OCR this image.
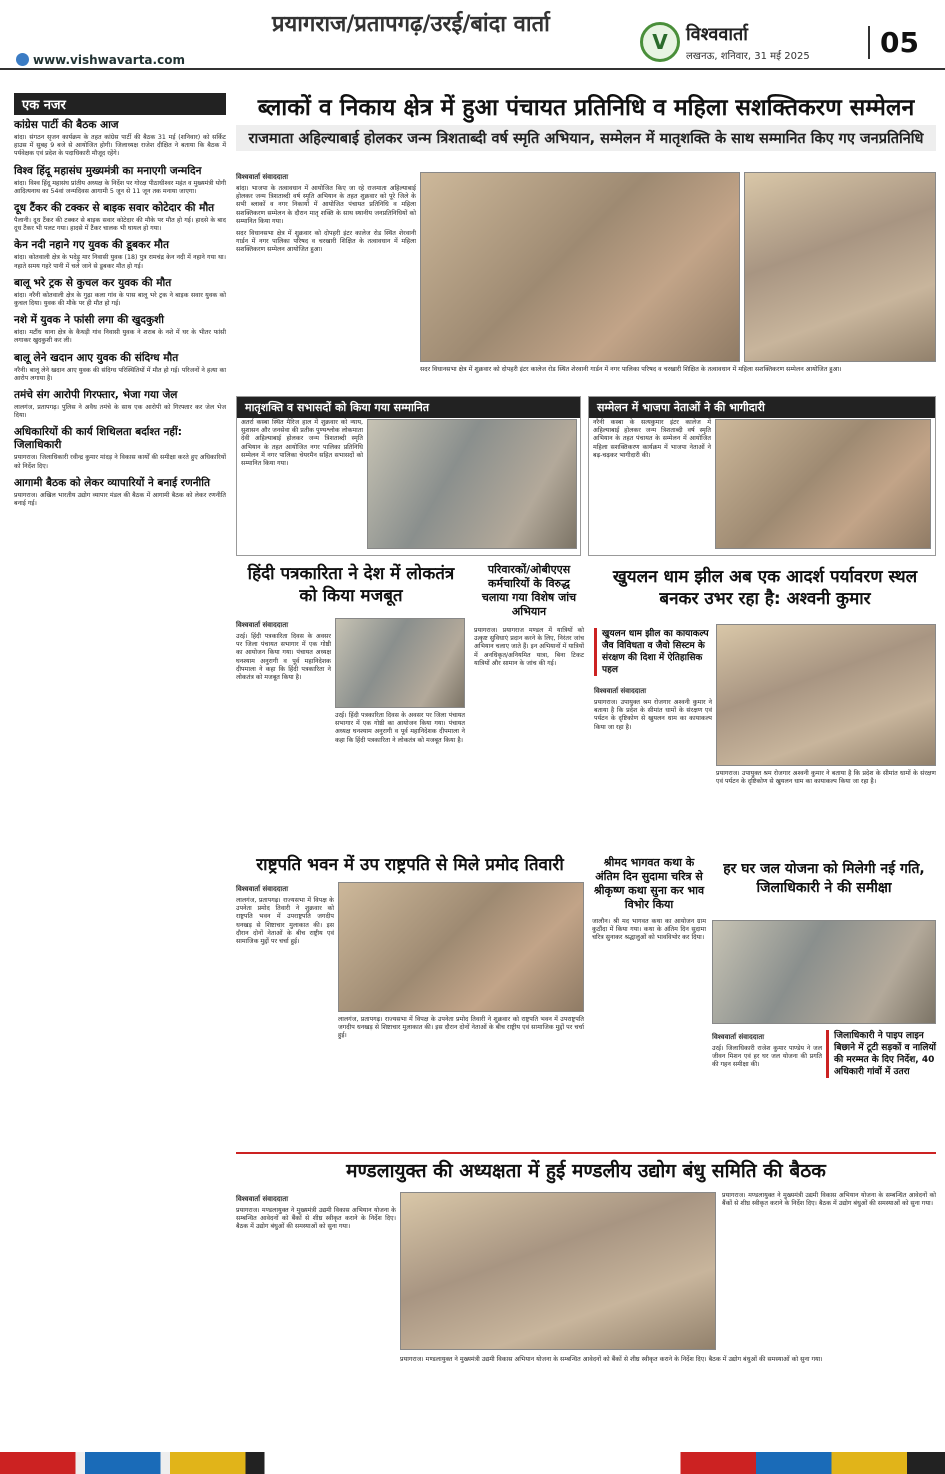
प्रयागराज/प्रतापगढ़/उरई/बांदा वार्ता
V	विश्ववार्ता
लखनऊ, शनिवार, 31 मई 2025	05
www.vishwavarta.com
एक नजर
कांग्रेस पार्टी की बैठक आज
बांदा। संगठन सृजन कार्यक्रम के तहत कांग्रेस पार्टी की बैठक 31 मई (शनिवार) को सर्किट हाउस में सुबह 9 बजे से आयोजित होगी। जिलाध्यक्ष राजेश दीक्षित ने बताया कि बैठक में पर्यवेक्षक एवं प्रदेश के पदाधिकारी मौजूद रहेंगे।
विश्व हिंदू महासंघ मुख्यमंत्री का मनाएगी जन्मदिन
बांदा। विश्व हिंदू महासंघ प्रांतीय अध्यक्ष के निर्देश पर गोरक्ष पीठाधीश्वर महंत व मुख्यमंत्री योगी आदित्यनाथ का 54वां जन्मदिवस आगामी 5 जून से 11 जून तक मनाया जाएगा।
दूध टैंकर की टक्कर से बाइक सवार कोटेदार की मौत
पैलानी। दूध टैंकर की टक्कर से बाइक सवार कोटेदार की मौके पर मौत हो गई। हादसे के बाद दूध टैंकर भी पलट गया। हादसे में टैंकर चालक भी घायल हो गया।
केन नदी नहाने गए युवक की डूबकर मौत
बांदा। कोतवाली क्षेत्र के भदेड़ू मार निवासी युवक (18) पुत्र रामचंद्र केन नदी में नहाने गया था। नहाते समय गहरे पानी में चले जाने से डूबकर मौत हो गई।
बालू भरे ट्रक से कुचल कर युवक की मौत
बांदा। नरैनी कोतवाली क्षेत्र के गुढ़ा कला गांव के पास बालू भरे ट्रक ने बाइक सवार युवक को कुचल दिया। युवक की मौके पर ही मौत हो गई।
नशे में युवक ने फांसी लगा की खुदकुशी
बांदा। मटौंध थाना क्षेत्र के कैथड़ी गांव निवासी युवक ने शराब के नशे में घर के भीतर फांसी लगाकर खुदकुशी कर ली।
बालू लेने खदान आए युवक की संदिग्ध मौत
नरैनी। बालू लेने खदान आए युवक की संदिग्ध परिस्थितियों में मौत हो गई। परिजनों ने हत्या का आरोप लगाया है।
तमंचे संग आरोपी गिरफ्तार, भेजा गया जेल
लालगंज, प्रतापगढ़। पुलिस ने अवैध तमंचे के साथ एक आरोपी को गिरफ्तार कर जेल भेज दिया।
अधिकारियों की कार्य शिथिलता बर्दाश्त नहीं: जिलाधिकारी
प्रयागराज। जिलाधिकारी रवीन्द्र कुमार मांदड़ ने विकास कार्यों की समीक्षा करते हुए अधिकारियों को निर्देश दिए।
आगामी बैठक को लेकर व्यापारियों ने बनाई रणनीति
प्रयागराज। अखिल भारतीय उद्योग व्यापार मंडल की बैठक में आगामी बैठक को लेकर रणनीति बनाई गई।
ब्लाकों व निकाय क्षेत्र में हुआ पंचायत प्रतिनिधि व महिला सशक्तिकरण सम्मेलन
राजमाता अहिल्याबाई होलकर जन्म त्रिशताब्दी वर्ष स्मृति अभियान, सम्मेलन में मातृशक्ति के साथ सम्मानित किए गए जनप्रतिनिधि
विश्ववार्ता संवाददाता
बांदा। भाजपा के तत्वावधान में आयोजित किए जा रहे राजमाता अहिल्याबाई होलकर जन्म त्रिशताब्दी वर्ष स्मृति अभियान के तहत शुक्रवार को पूरे जिले के सभी ब्लाकों व नगर निकायों में आयोजित पंचायत प्रतिनिधि व महिला सशक्तिकरण सम्मेलन के दौरान मातृ शक्ति के साथ स्थानीय जनप्रतिनिधियों को सम्मानित किया गया।
सदर विधानसभा क्षेत्र में शुक्रवार को दोपहरी इंटर कालेज रोड स्थित शेरवानी गार्डन में नगर पालिका परिषद व चरखारी शिक्षित के तत्वावधान में महिला सशक्तिकरण सम्मेलन आयोजित हुआ।
सदर विधानसभा क्षेत्र में शुक्रवार को दोपहरी इंटर कालेज रोड स्थित शेरवानी गार्डन में नगर पालिका परिषद व चरखारी शिक्षित के तत्वावधान में महिला सशक्तिकरण सम्मेलन आयोजित हुआ।
मातृशक्ति व सभासदों को किया गया सम्मानित
अतर्रा कस्बा स्थित मैरिज हाल में शुक्रवार को न्याय, सुशासन और जनसेवा की प्रतीक पुण्यश्लोक लोकमाता देवी अहिल्याबाई होलकर जन्म त्रिशताब्दी स्मृति अभियान के तहत आयोजित नगर पालिका प्रतिनिधि सम्मेलन में नगर पालिका चेयरमैन सहित सभासदों को सम्मानित किया गया।
सम्मेलन में भाजपा नेताओं ने की भागीदारी
नरैनी कस्बा के सत्यकुमार इंटर कालेज में अहिल्याबाई होलकर जन्म त्रिशताब्दी वर्ष स्मृति अभियान के तहत पंचायत के सम्मेलन में आयोजित महिला सशक्तिकरण कार्यक्रम में भाजपा नेताओं ने बढ़-चढ़कर भागीदारी की।
हिंदी पत्रकारिता ने देश में लोकतंत्र को किया मजबूत
विश्ववार्ता संवाददाता
उरई। हिंदी पत्रकारिता दिवस के अवसर पर जिला पंचायत सभागार में एक गोष्ठी का आयोजन किया गया। पंचायत अध्यक्ष घनश्याम अनुरागी व पूर्व महानिदेशक दीपमाला ने कहा कि हिंदी पत्रकारिता ने लोकतंत्र को मजबूत किया है।
उरई। हिंदी पत्रकारिता दिवस के अवसर पर जिला पंचायत सभागार में एक गोष्ठी का आयोजन किया गया। पंचायत अध्यक्ष घनश्याम अनुरागी व पूर्व महानिदेशक दीपमाला ने कहा कि हिंदी पत्रकारिता ने लोकतंत्र को मजबूत किया है।
परिवारकों/ओबीएएस कर्मचारियों के विरुद्ध चलाया गया विशेष जांच अभियान
प्रयागराज। प्रयागराज मण्डल में यात्रियों को उत्कृष्ट सुविधाएं प्रदान करने के लिए, निरंतर जांच अभियान चलाए जाते हैं। इन अभियानों में यात्रियों में अनधिकृत/अनियमित यात्रा, बिना टिकट यात्रियों और सामान के जांच की गई।
खुयलन धाम झील अब एक आदर्श पर्यावरण स्थल बनकर उभर रहा है: अश्वनी कुमार
खुयलन धाम झील का कायाकल्प जैव विविधता व जैवो सिस्टम के संरक्षण की दिशा में ऐतिहासिक पहल
विश्ववार्ता संवाददाता
प्रयागराज। उपायुक्त श्रम रोजगार अश्वनी कुमार ने बताया है कि प्रदेश के सीमांत धामों के संरक्षण एवं पर्यटन के दृष्टिकोण से खुयलन धाम का कायाकल्प किया जा रहा है।
प्रयागराज। उपायुक्त श्रम रोजगार अश्वनी कुमार ने बताया है कि प्रदेश के सीमांत धामों के संरक्षण एवं पर्यटन के दृष्टिकोण से खुयलन धाम का कायाकल्प किया जा रहा है।
राष्ट्रपति भवन में उप राष्ट्रपति से मिले प्रमोद तिवारी
विश्ववार्ता संवाददाता
लालगंज, प्रतापगढ़। राज्यसभा में विपक्ष के उपनेता प्रमोद तिवारी ने शुक्रवार को राष्ट्रपति भवन में उपराष्ट्रपति जगदीप धनखड़ से शिष्टाचार मुलाकात की। इस दौरान दोनों नेताओं के बीच राष्ट्रीय एवं सामाजिक मुद्दों पर चर्चा हुई।
लालगंज, प्रतापगढ़। राज्यसभा में विपक्ष के उपनेता प्रमोद तिवारी ने शुक्रवार को राष्ट्रपति भवन में उपराष्ट्रपति जगदीप धनखड़ से शिष्टाचार मुलाकात की। इस दौरान दोनों नेताओं के बीच राष्ट्रीय एवं सामाजिक मुद्दों पर चर्चा हुई।
श्रीमद भागवत कथा के अंतिम दिन सुदामा चरित्र से श्रीकृष्ण कथा सुना कर भाव विभोर किया
जालौन। श्री मद भागवत कथा का आयोजन ग्राम कुठौंदा में किया गया। कथा के अंतिम दिन सुदामा चरित्र सुनाकर श्रद्धालुओं को भावविभोर कर दिया।
हर घर जल योजना को मिलेगी नई गति, जिलाधिकारी ने की समीक्षा
विश्ववार्ता संवाददाता
उरई। जिलाधिकारी राजेश कुमार पाण्डेय ने जल जीवन मिशन एवं हर घर जल योजना की प्रगति की गहन समीक्षा की।
जिलाधिकारी ने पाइप लाइन बिछाने में टूटी सड़कों व नालियों की मरम्मत के दिए निर्देश, 40 अधिकारी गांवों में उतरा
मण्डलायुक्त की अध्यक्षता में हुई मण्डलीय उद्योग बंधु समिति की बैठक
विश्ववार्ता संवाददाता
प्रयागराज। मण्डलायुक्त ने मुख्यमंत्री उद्यमी विकास अभियान योजना के सम्बन्धित आवेदनों को बैंकों से शीघ्र स्वीकृत कराने के निर्देश दिए। बैठक में उद्योग बंधुओं की समस्याओं को सुना गया।
प्रयागराज। मण्डलायुक्त ने मुख्यमंत्री उद्यमी विकास अभियान योजना के सम्बन्धित आवेदनों को बैंकों से शीघ्र स्वीकृत कराने के निर्देश दिए। बैठक में उद्योग बंधुओं की समस्याओं को सुना गया।
प्रयागराज। मण्डलायुक्त ने मुख्यमंत्री उद्यमी विकास अभियान योजना के सम्बन्धित आवेदनों को बैंकों से शीघ्र स्वीकृत कराने के निर्देश दिए। बैठक में उद्योग बंधुओं की समस्याओं को सुना गया।
